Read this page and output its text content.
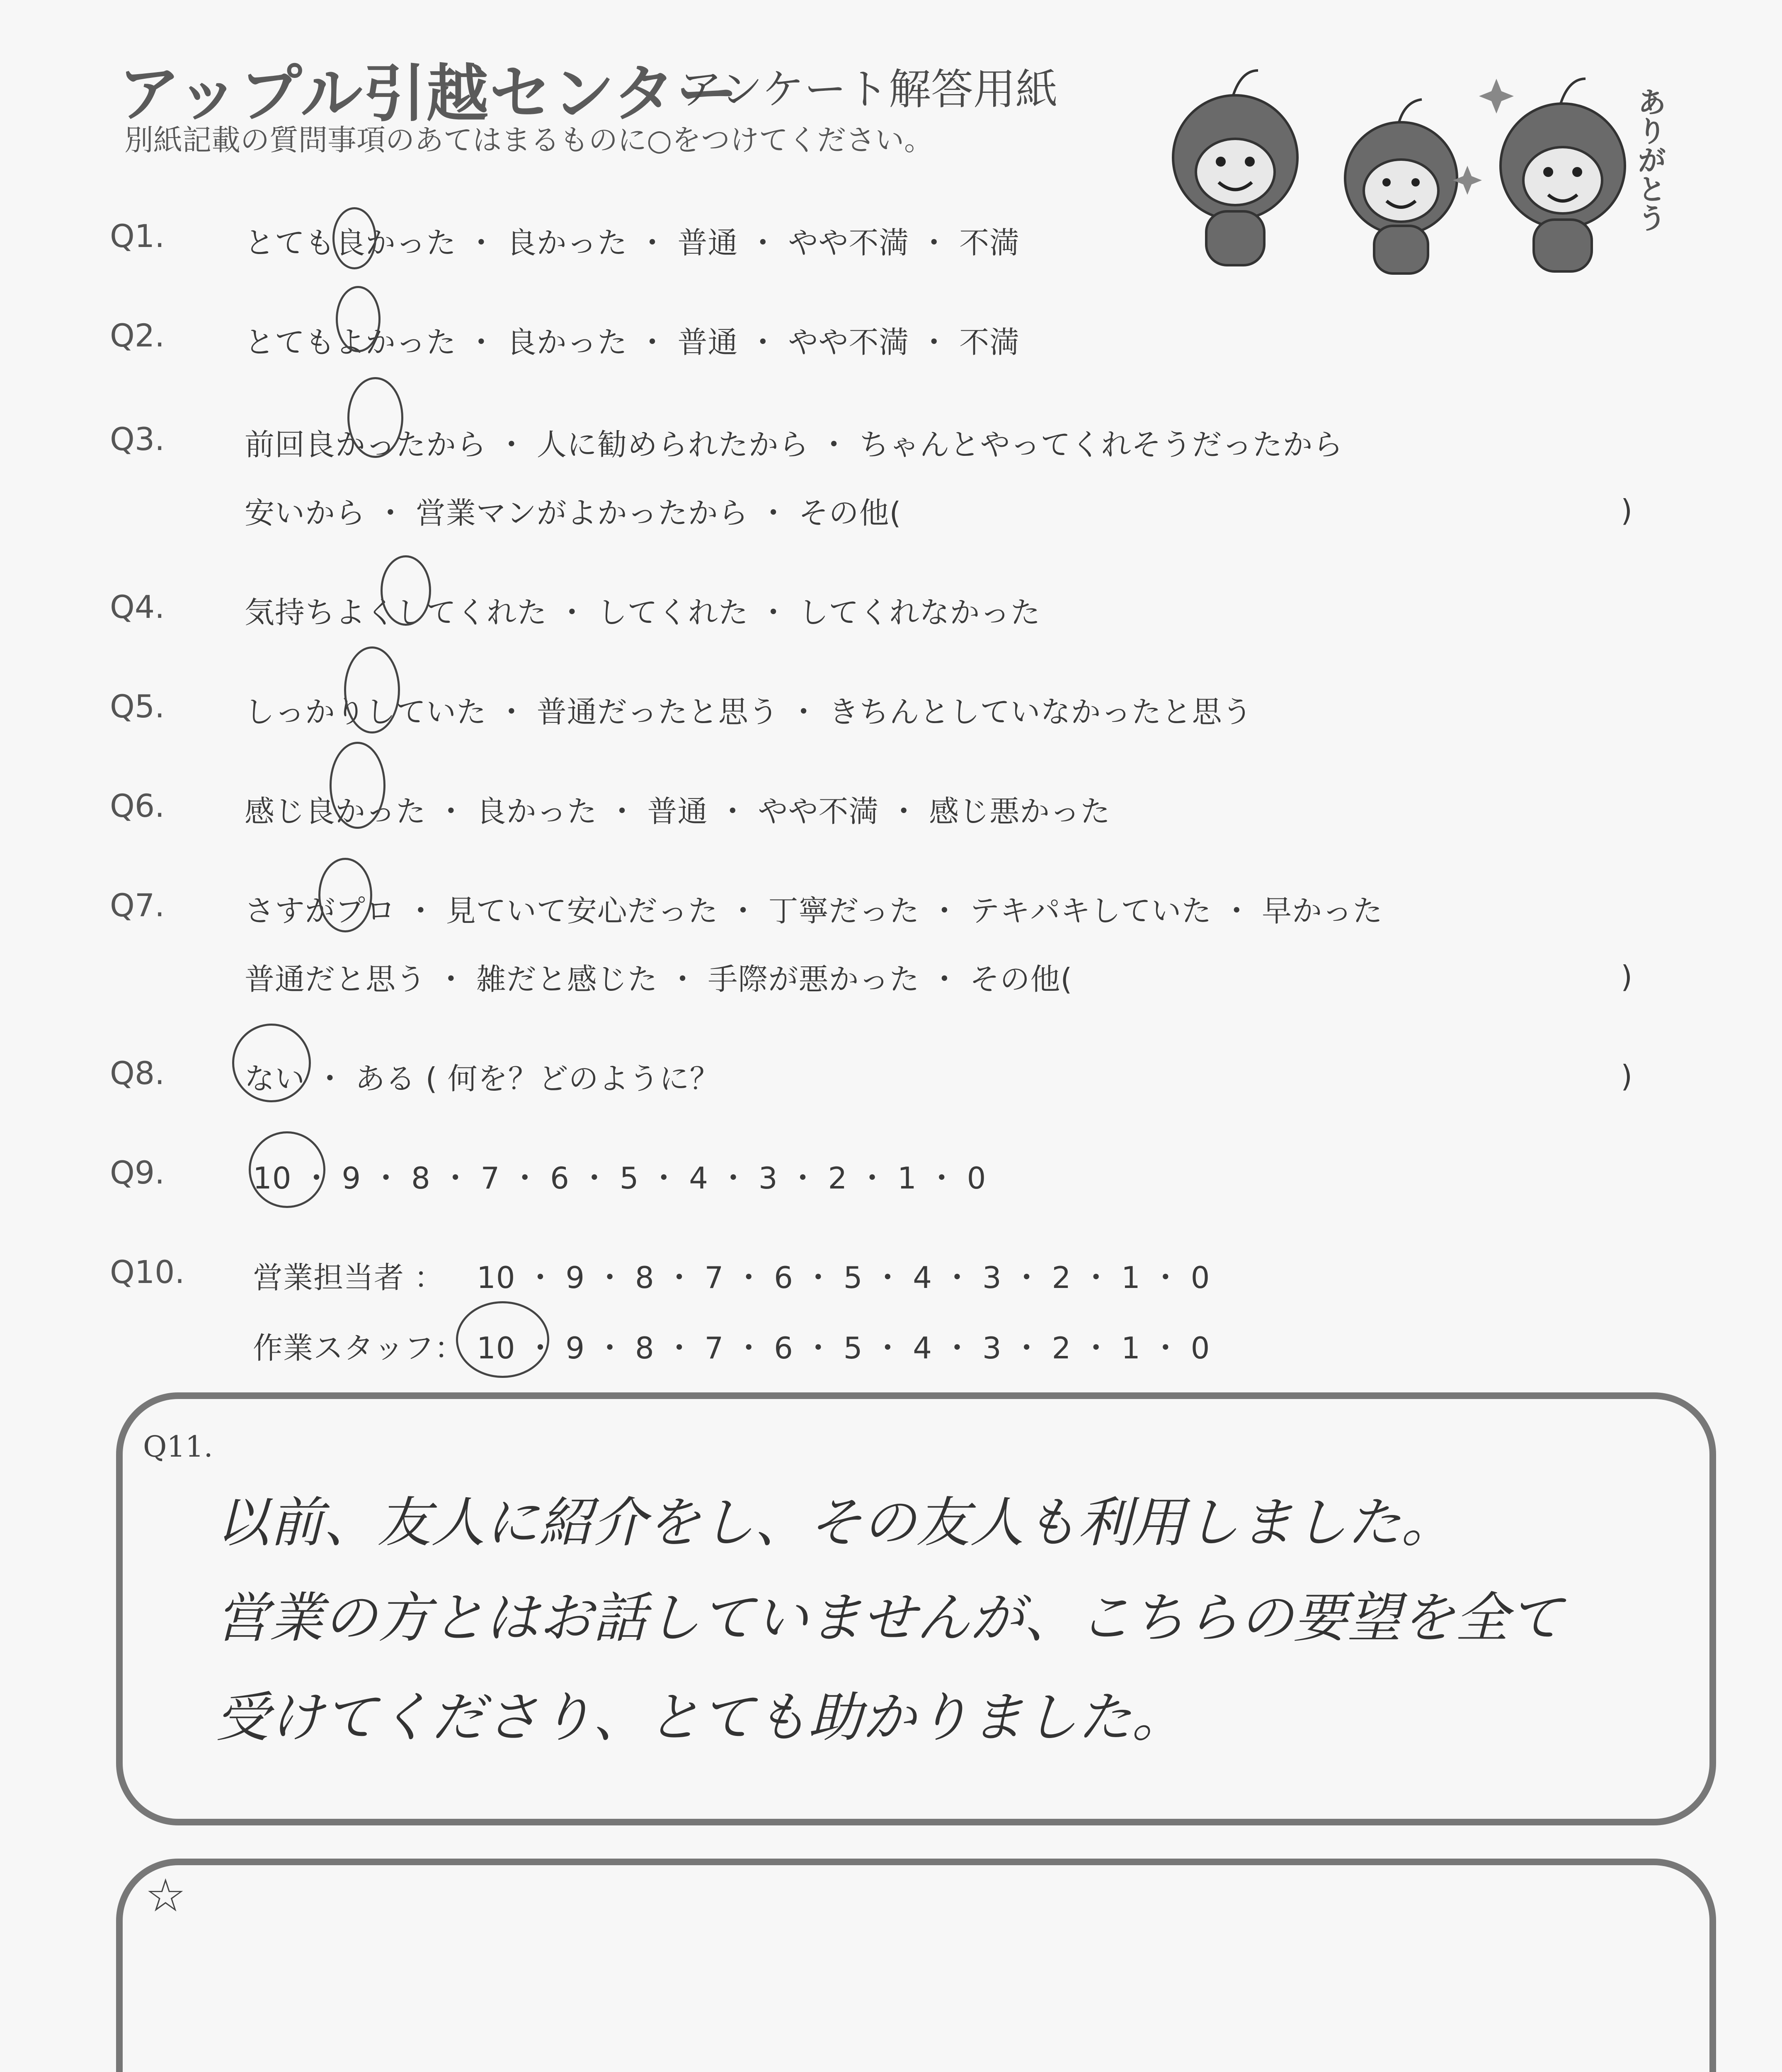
アップル引越センター
アンケート解答用紙
別紙記載の質問事項のあてはまるものに○をつけてください。	ありがとう
Q1.	とても良かった ・ 良かった ・ 普通 ・ やや不満 ・ 不満
Q2.	とてもよかった ・ 良かった ・ 普通 ・ やや不満 ・ 不満
Q3.	前回良かったから ・ 人に勧められたから ・ ちゃんとやってくれそうだったから
安いから ・ 営業マンがよかったから ・ その他(	)
Q4.	気持ちよくしてくれた ・ してくれた ・ してくれなかった
Q5.	しっかりしていた ・ 普通だったと思う ・ きちんとしていなかったと思う
Q6.	感じ良かった ・ 良かった ・ 普通 ・ やや不満 ・ 感じ悪かった
Q7.	さすがプロ ・ 見ていて安心だった ・ 丁寧だった ・ テキパキしていた ・ 早かった
普通だと思う ・ 雑だと感じた ・ 手際が悪かった ・ その他(	)
Q8.	ない ・ ある ( 何を？どのように？	)
Q9.	10 ・ 9 ・ 8 ・ 7 ・ 6 ・ 5 ・ 4 ・ 3 ・ 2 ・ 1 ・ 0
Q10. 営業担当者 ： 10 ・ 9 ・ 8 ・ 7 ・ 6 ・ 5 ・ 4 ・ 3 ・ 2 ・ 1 ・ 0
作業スタッフ： 10 ・ 9 ・ 8 ・ 7 ・ 6 ・ 5 ・ 4 ・ 3 ・ 2 ・ 1 ・ 0
Q11.
以前、友人に紹介をし、その友人も利用しました。
営業の方とはお話していませんが、こちらの要望を全て
受けてくださり、とても助かりました。
☆
